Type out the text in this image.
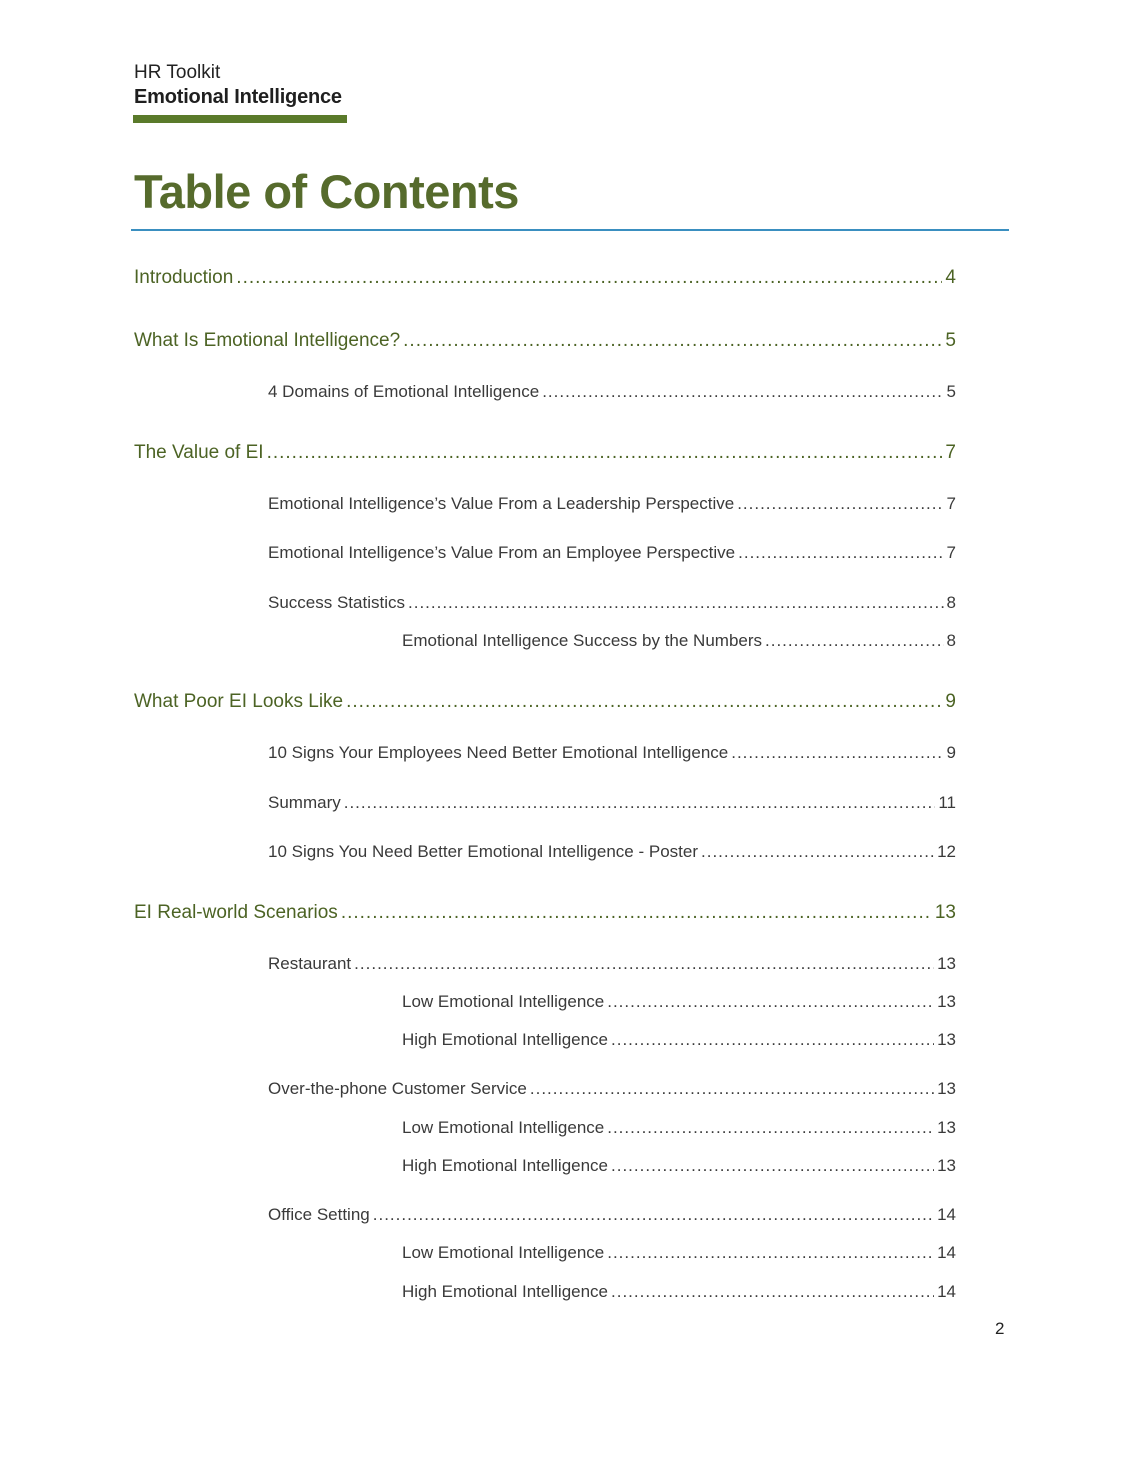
HR Toolkit
Emotional Intelligence
Table of Contents
Introduction .....	4
What Is Emotional Intelligence? .....	5
4 Domains of Emotional Intelligence .....	5
The Value of EI .....	7
Emotional Intelligence’s Value From a Leadership Perspective .....	7
Emotional Intelligence’s Value From an Employee Perspective .....	7
Success Statistics .....	8
Emotional Intelligence Success by the Numbers .....	8
What Poor EI Looks Like .....	9
10 Signs Your Employees Need Better Emotional Intelligence .....	9
Summary .....	11
10 Signs You Need Better Emotional Intelligence - Poster .....	12
EI Real-world Scenarios .....	13
Restaurant .....	13
Low Emotional Intelligence .....	13
High Emotional Intelligence .....	13
Over-the-phone Customer Service .....	13
Low Emotional Intelligence .....	13
High Emotional Intelligence .....	13
Office Setting .....	14
Low Emotional Intelligence .....	14
High Emotional Intelligence .....	14
2
